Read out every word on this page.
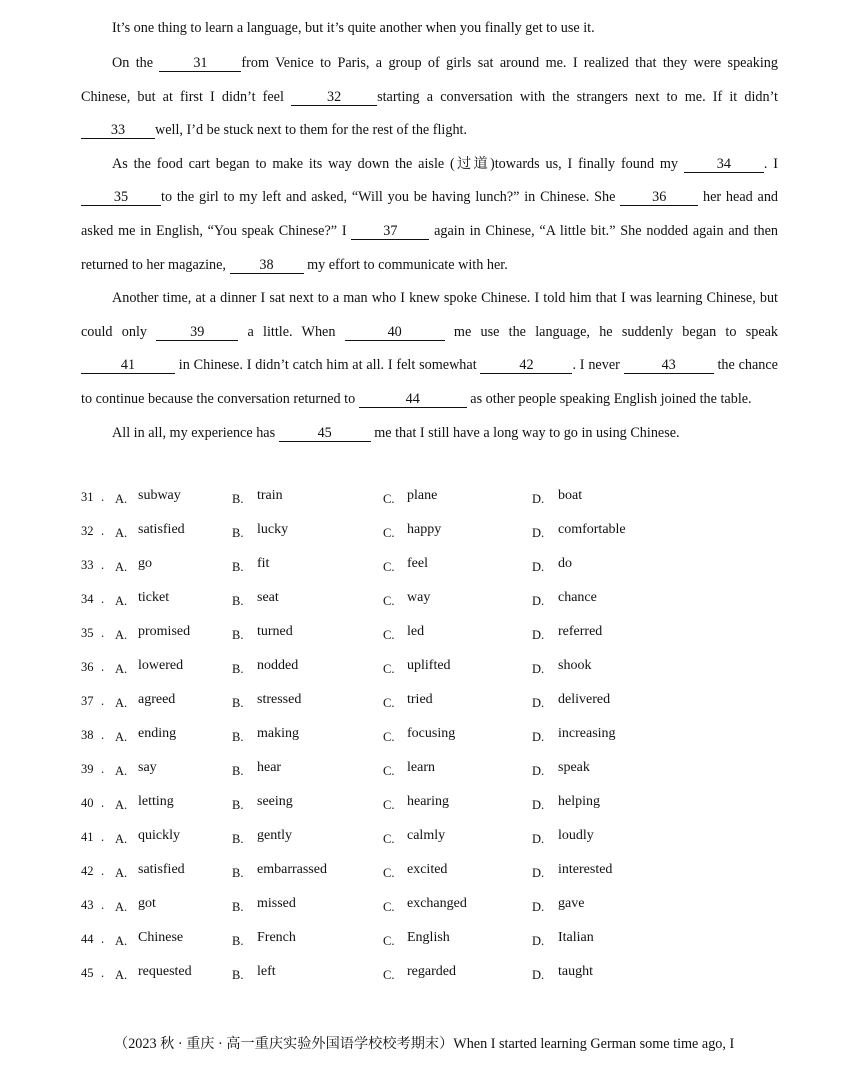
It’s one thing to learn a language, but it’s quite another when you finally get to use it.

On the 31 from Venice to Paris, a group of girls sat around me. I realized that they were speaking Chinese, but at first I didn’t feel	32	starting a conversation with the strangers next to me. If it didn’t 33 well, I’d be stuck next to them for the rest of the flight.

As the food cart began to make its way down the aisle (过道)towards us, I finally found my 34 . I 35 to the girl to my left and asked, “Will you be having lunch?” in Chinese. She 36 her head and asked me in English, “You speak Chinese?” I 37 again in Chinese, “A little bit.” She nodded again and then returned to her magazine, 38 my effort to communicate with her.

Another time, at a dinner I sat next to a man who I knew spoke Chinese. I told him that I was learning Chinese, but could only 39 a little. When	40	me use the language, he suddenly began to speak 41	in Chinese. I didn’t catch him at all. I felt somewhat	42	. I never	43	the chance to continue because the conversation returned to	44	as other people speaking English joined the table.

All in all, my experience has	45	me that I still have a long way to go in using Chinese.

31 . A. subway	B. train	C. plane	D. boat
32 . A. satisfied	B. lucky	C. happy	D. comfortable
33 . A. go	B. fit	C. feel	D. do
34 . A. ticket	B. seat	C. way	D. chance
35 . A. promised	B. turned	C. led	D. referred
36 . A. lowered	B. nodded	C. uplifted	D. shook
37 . A. agreed	B. stressed	C. tried	D. delivered
38 . A. ending	B. making	C. focusing	D. increasing
39 . A. say	B. hear	C. learn	D. speak
40 . A. letting	B. seeing	C. hearing	D. helping
41 . A. quickly	B. gently	C. calmly	D. loudly
42 . A. satisfied	B. embarrassed	C. excited	D. interested
43 . A. got	B. missed	C. exchanged	D. gave
44 . A. Chinese	B. French	C. English	D. Italian
45 . A. requested	B. left	C. regarded	D. taught
（2023 秋 · 重庆 · 高一重庆实验外国语学校校考期末）When I started learning German some time ago, I
